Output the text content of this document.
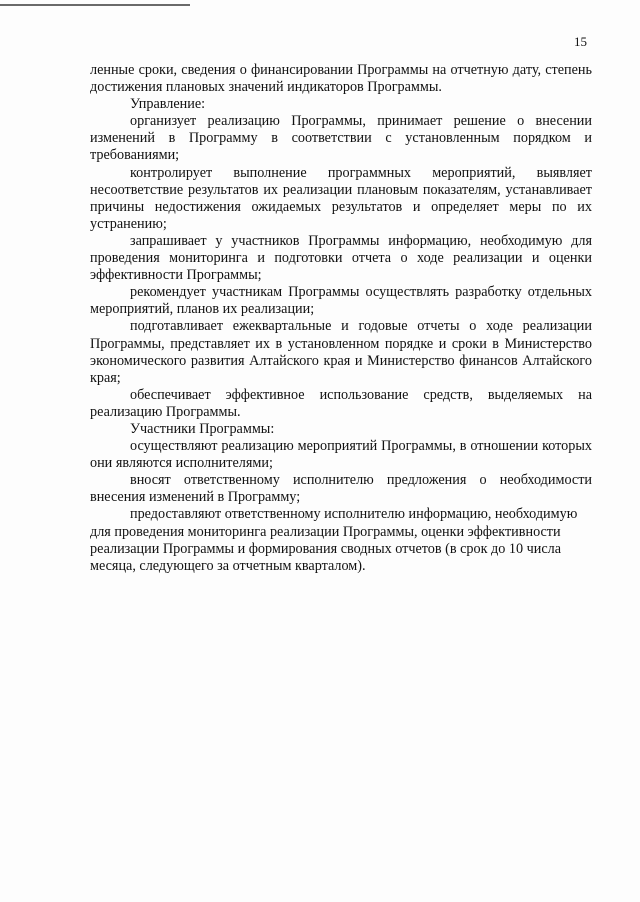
15

ленные сроки, сведения о финансировании Программы на отчетную дату, степень достижения плановых значений индикаторов Программы.

Управление:

организует реализацию Программы, принимает решение о внесении изменений в Программу в соответствии с установленным порядком и требованиями;

контролирует выполнение программных мероприятий, выявляет несоответствие результатов их реализации плановым показателям, устанавливает причины недостижения ожидаемых результатов и определяет меры по их устранению;

запрашивает у участников Программы информацию, необходимую для проведения мониторинга и подготовки отчета о ходе реализации и оценки эффективности Программы;

рекомендует участникам Программы осуществлять разработку отдельных мероприятий, планов их реализации;

подготавливает ежеквартальные и годовые отчеты о ходе реализации Программы, представляет их в установленном порядке и сроки в Министерство экономического развития Алтайского края и Министерство финансов Алтайского края;

обеспечивает эффективное использование средств, выделяемых на реализацию Программы.

Участники Программы:

осуществляют реализацию мероприятий Программы, в отношении которых они являются исполнителями;

вносят ответственному исполнителю предложения о необходимости внесения изменений в Программу;

предоставляют ответственному исполнителю информацию, необходимую для проведения мониторинга реализации Программы, оценки эффективности реализации Программы и формирования сводных отчетов (в срок до 10 числа месяца, следующего за отчетным кварталом).
